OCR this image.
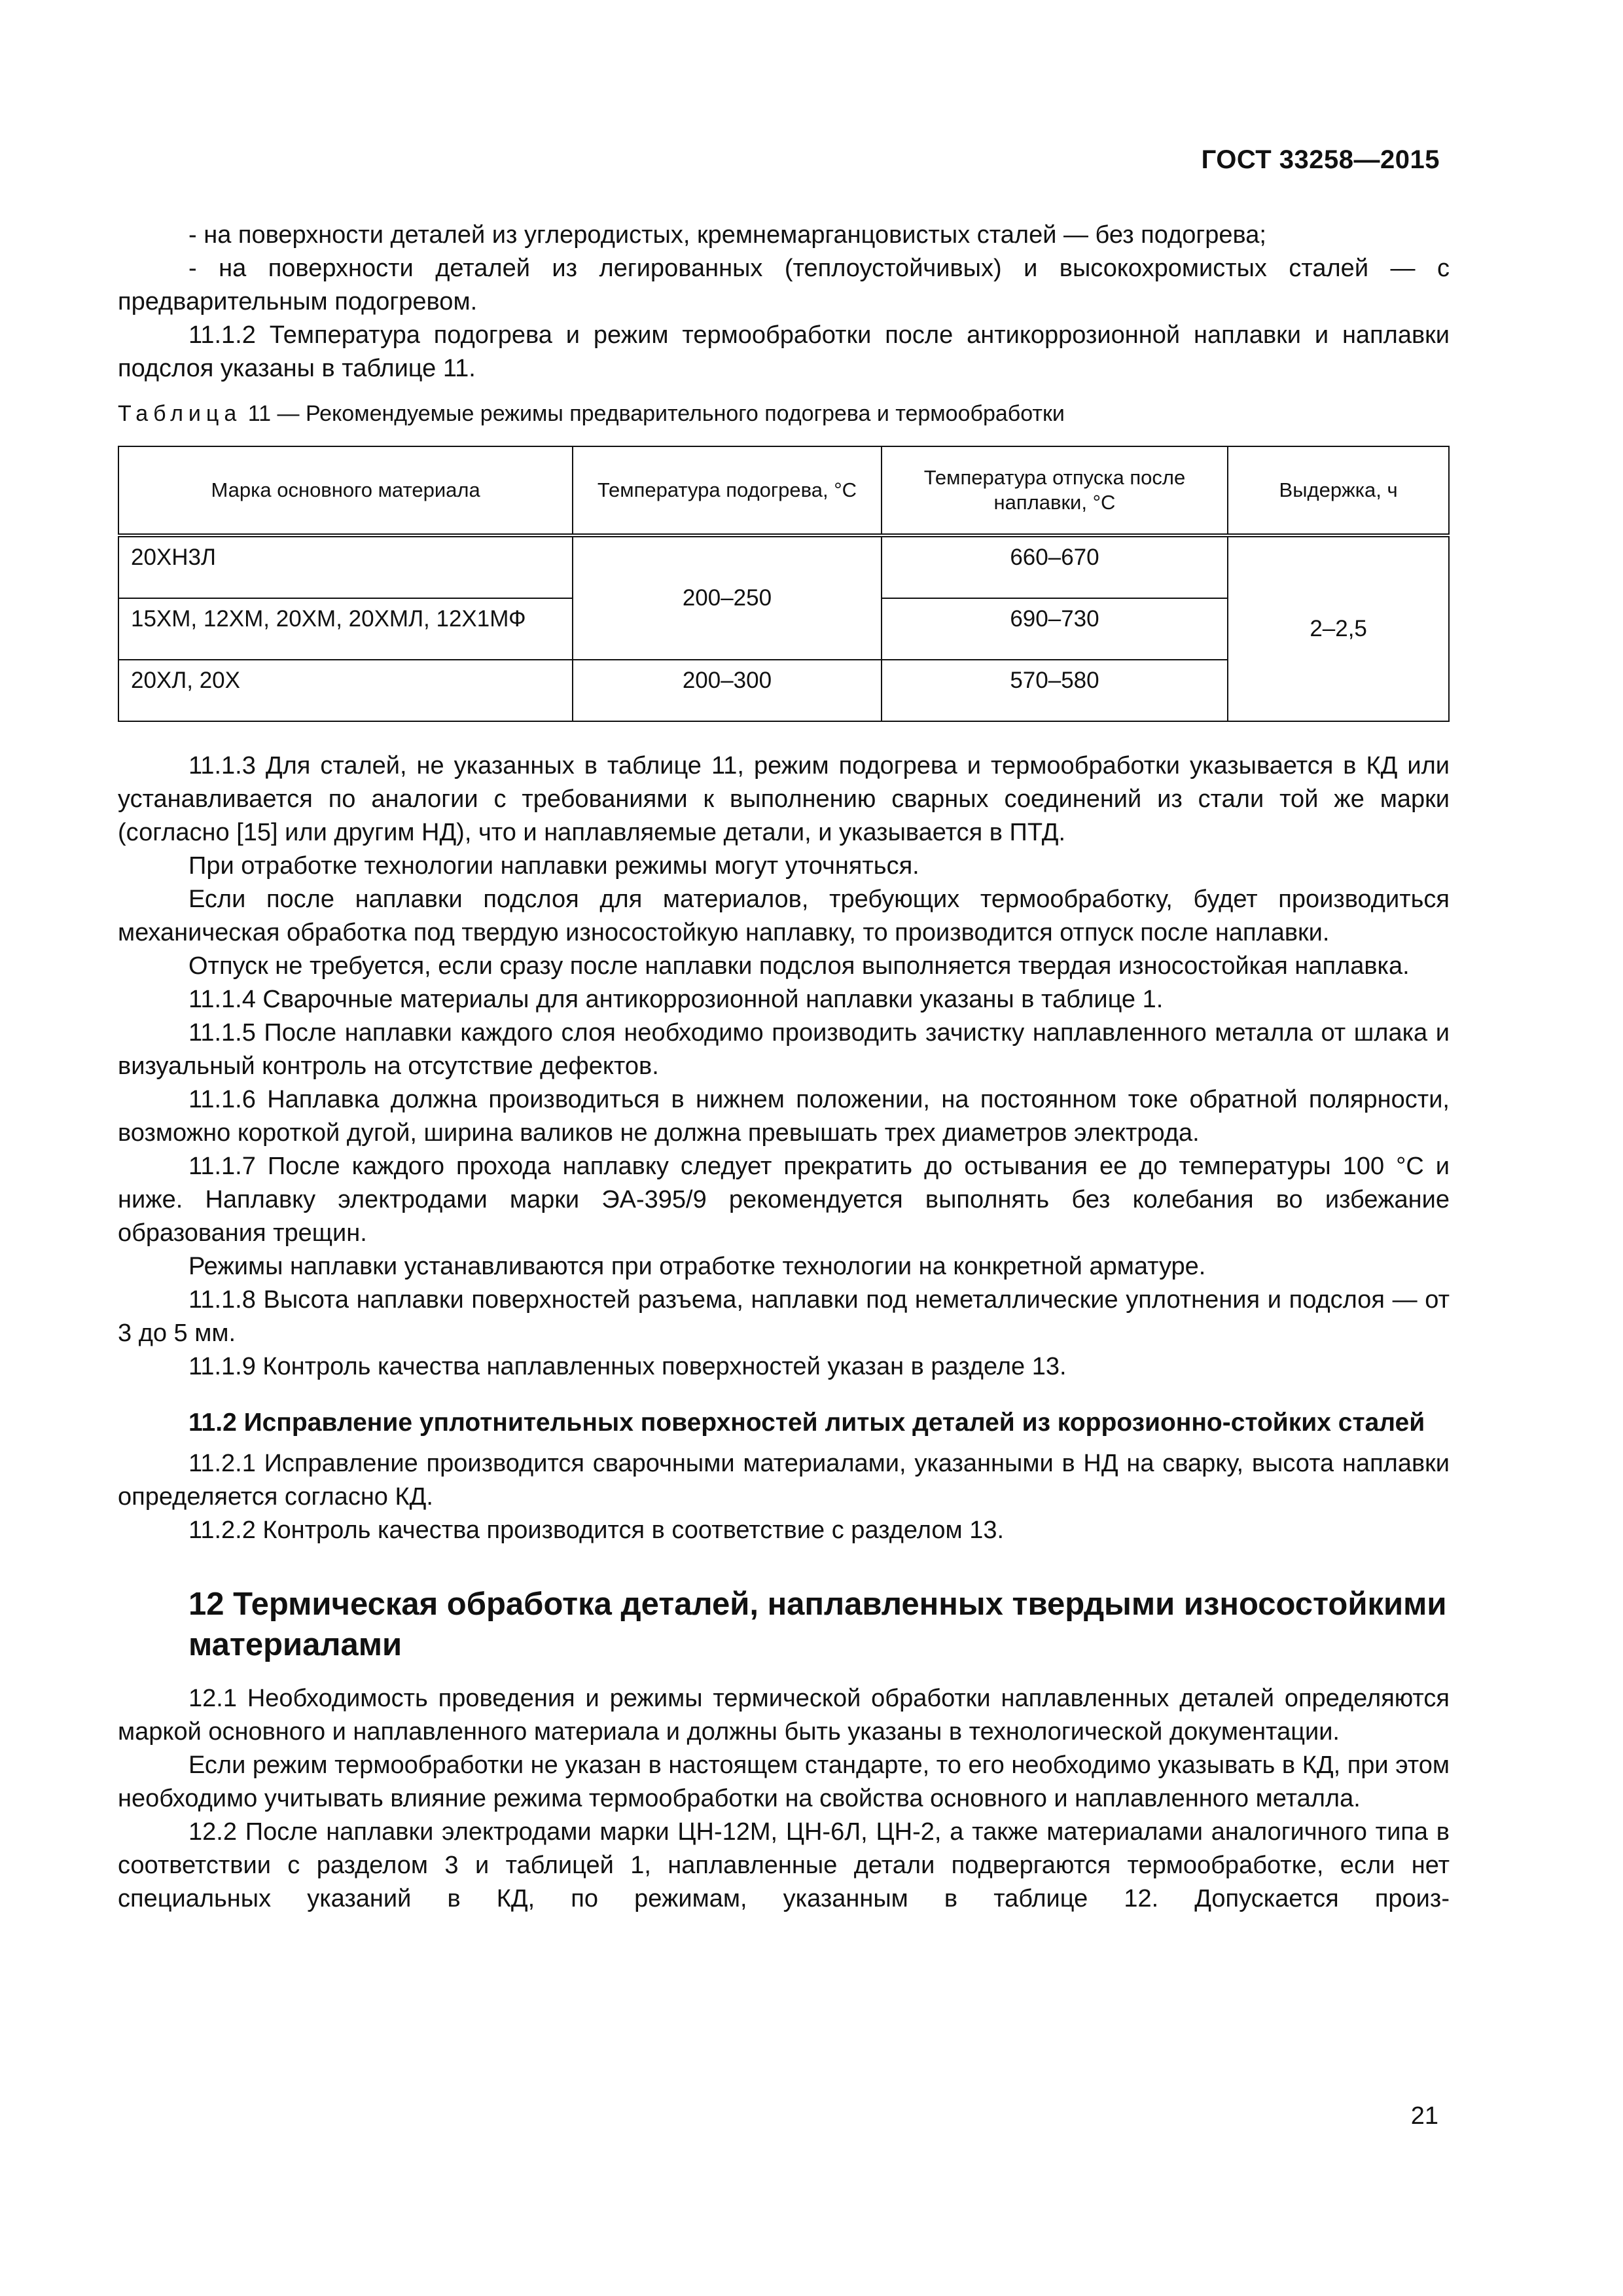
ГОСТ 33258—2015

- на поверхности деталей из углеродистых, кремнемарганцовистых сталей — без подогрева;

- на поверхности деталей из легированных (теплоустойчивых) и высокохромистых сталей — с предварительным подогревом.

11.1.2 Температура подогрева и режим термообработки после антикоррозионной наплавки и наплавки подслоя указаны в таблице 11.

Таблица 11 — Рекомендуемые режимы предварительного подогрева и термообработки
Марка основного материала	Температура подогрева, °С	Температура отпуска после наплавки, °С	Выдержка, ч
20ХН3Л	200–250	660–670	2–2,5
15ХМ, 12ХМ, 20ХМ, 20ХМЛ, 12Х1МФ		690–730	
20ХЛ, 20Х	200–300	570–580	

11.1.3 Для сталей, не указанных в таблице 11, режим подогрева и термообработки указывается в КД или устанавливается по аналогии с требованиями к выполнению сварных соединений из стали той же марки (согласно [15] или другим НД), что и наплавляемые детали, и указывается в ПТД.

При отработке технологии наплавки режимы могут уточняться.

Если после наплавки подслоя для материалов, требующих термообработку, будет производиться механическая обработка под твердую износостойкую наплавку, то производится отпуск после наплавки.

Отпуск не требуется, если сразу после наплавки подслоя выполняется твердая износостойкая наплавка.

11.1.4 Сварочные материалы для антикоррозионной наплавки указаны в таблице 1.

11.1.5 После наплавки каждого слоя необходимо производить зачистку наплавленного металла от шлака и визуальный контроль на отсутствие дефектов.

11.1.6 Наплавка должна производиться в нижнем положении, на постоянном токе обратной полярности, возможно короткой дугой, ширина валиков не должна превышать трех диаметров электрода.

11.1.7 После каждого прохода наплавку следует прекратить до остывания ее до температуры 100 °С и ниже. Наплавку электродами марки ЭА-395/9 рекомендуется выполнять без колебания во избежание образования трещин.

Режимы наплавки устанавливаются при отработке технологии на конкретной арматуре.

11.1.8 Высота наплавки поверхностей разъема, наплавки под неметаллические уплотнения и подслоя — от 3 до 5 мм.

11.1.9 Контроль качества наплавленных поверхностей указан в разделе 13.

11.2 Исправление уплотнительных поверхностей литых деталей из коррозионно-стойких сталей

11.2.1 Исправление производится сварочными материалами, указанными в НД на сварку, высота наплавки определяется согласно КД.

11.2.2 Контроль качества производится в соответствие с разделом 13.

12 Термическая обработка деталей, наплавленных твердыми износостойкими материалами

12.1 Необходимость проведения и режимы термической обработки наплавленных деталей определяются маркой основного и наплавленного материала и должны быть указаны в технологической документации.

Если режим термообработки не указан в настоящем стандарте, то его необходимо указывать в КД, при этом необходимо учитывать влияние режима термообработки на свойства основного и наплавленного металла.

12.2 После наплавки электродами марки ЦН-12М, ЦН-6Л, ЦН-2, а также материалами аналогичного типа в соответствии с разделом 3 и таблицей 1, наплавленные детали подвергаются термообработке, если нет специальных указаний в КД, по режимам, указанным в таблице 12. Допускается произ-

21
